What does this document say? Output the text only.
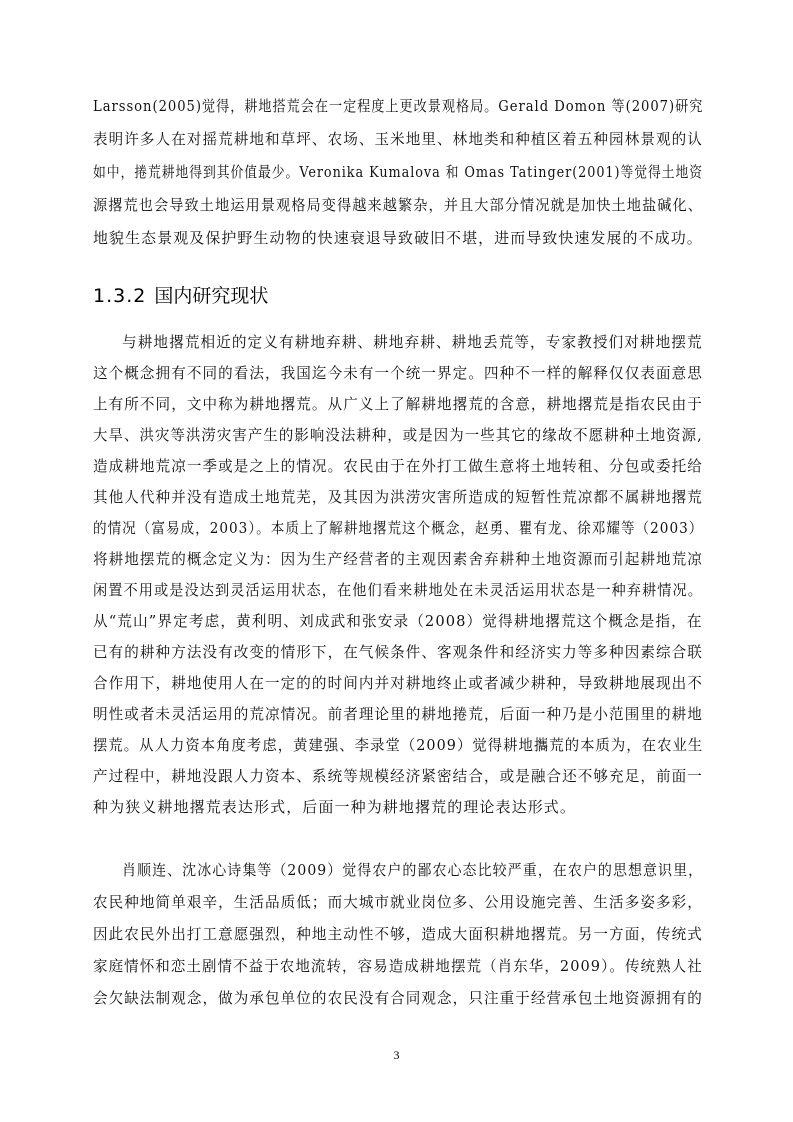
Larsson(2005)觉得，耕地搭荒会在一定程度上更改景观格局。Gerald Domon 等(2007)研究
表明许多人在对摇荒耕地和草坪、农场、玉米地里、林地类和种植区着五种园林景观的认
如中，捲荒耕地得到其价值最少。Veronika Kumalova 和 Omas Tatinger(2001)等觉得土地资
源撂荒也会导致土地运用景观格局变得越来越繁杂，并且大部分情况就是加快土地盐碱化、
地貌生态景观及保护野生动物的快速衰退导致破旧不堪，进而导致快速发展的不成功。
1.3.2 国内研究现状
与耕地撂荒相近的定义有耕地弃耕、耕地弃耕、耕地丢荒等，专家教授们对耕地摆荒
这个概念拥有不同的看法，我国迄今未有一个统一界定。四种不一样的解释仅仅表面意思
上有所不同，文中称为耕地撂荒。从广义上了解耕地撂荒的含意，耕地撂荒是指农民由于
大旱、洪灾等洪涝灾害产生的影响没法耕种，或是因为一些其它的缘故不愿耕种土地资源,
造成耕地荒凉一季或是之上的情况。农民由于在外打工做生意将土地转租、分包或委托给
其他人代种并没有造成土地荒芜，及其因为洪涝灾害所造成的短暂性荒凉都不属耕地撂荒
的情况（富易成，2003）。本质上了解耕地撂荒这个概念，赵勇、瞿有龙、徐邓耀等（2003）
将耕地摆荒的概念定义为：因为生产经营者的主观因素舍弃耕种土地资源而引起耕地荒凉
闲置不用或是没达到灵活运用状态，在他们看来耕地处在未灵活运用状态是一种弃耕情况。
从“荒山”界定考虑，黄利明、刘成武和张安录（2008）觉得耕地撂荒这个概念是指，在
已有的耕种方法没有改变的情形下，在气候条件、客观条件和经济实力等多种因素综合联
合作用下，耕地使用人在一定的的时间内并对耕地终止或者减少耕种，导致耕地展现出不
明性或者未灵活运用的荒凉情况。前者理论里的耕地捲荒，后面一种乃是小范围里的耕地
摆荒。从人力资本角度考虑，黄建强、李录堂（2009）觉得耕地攜荒的本质为，在农业生
产过程中，耕地没跟人力资本、系统等规模经济紧密结合，或是融合还不够充足，前面一
种为狭义耕地撂荒表达形式，后面一种为耕地撂荒的理论表达形式。
肖顺连、沈冰心诗集等（2009）觉得农户的鄙农心态比较严重，在农户的思想意识里，
农民种地简单艰辛，生活品质低；而大城市就业岗位多、公用设施完善、生活多姿多彩，
因此农民外出打工意愿强烈，种地主动性不够，造成大面积耕地撂荒。另一方面，传统式
家庭情怀和恋土剧情不益于农地流转，容易造成耕地摆荒（肖东华，2009）。传统熟人社
会欠缺法制观念，做为承包单位的农民没有合同观念，只注重于经营承包土地资源拥有的
3
